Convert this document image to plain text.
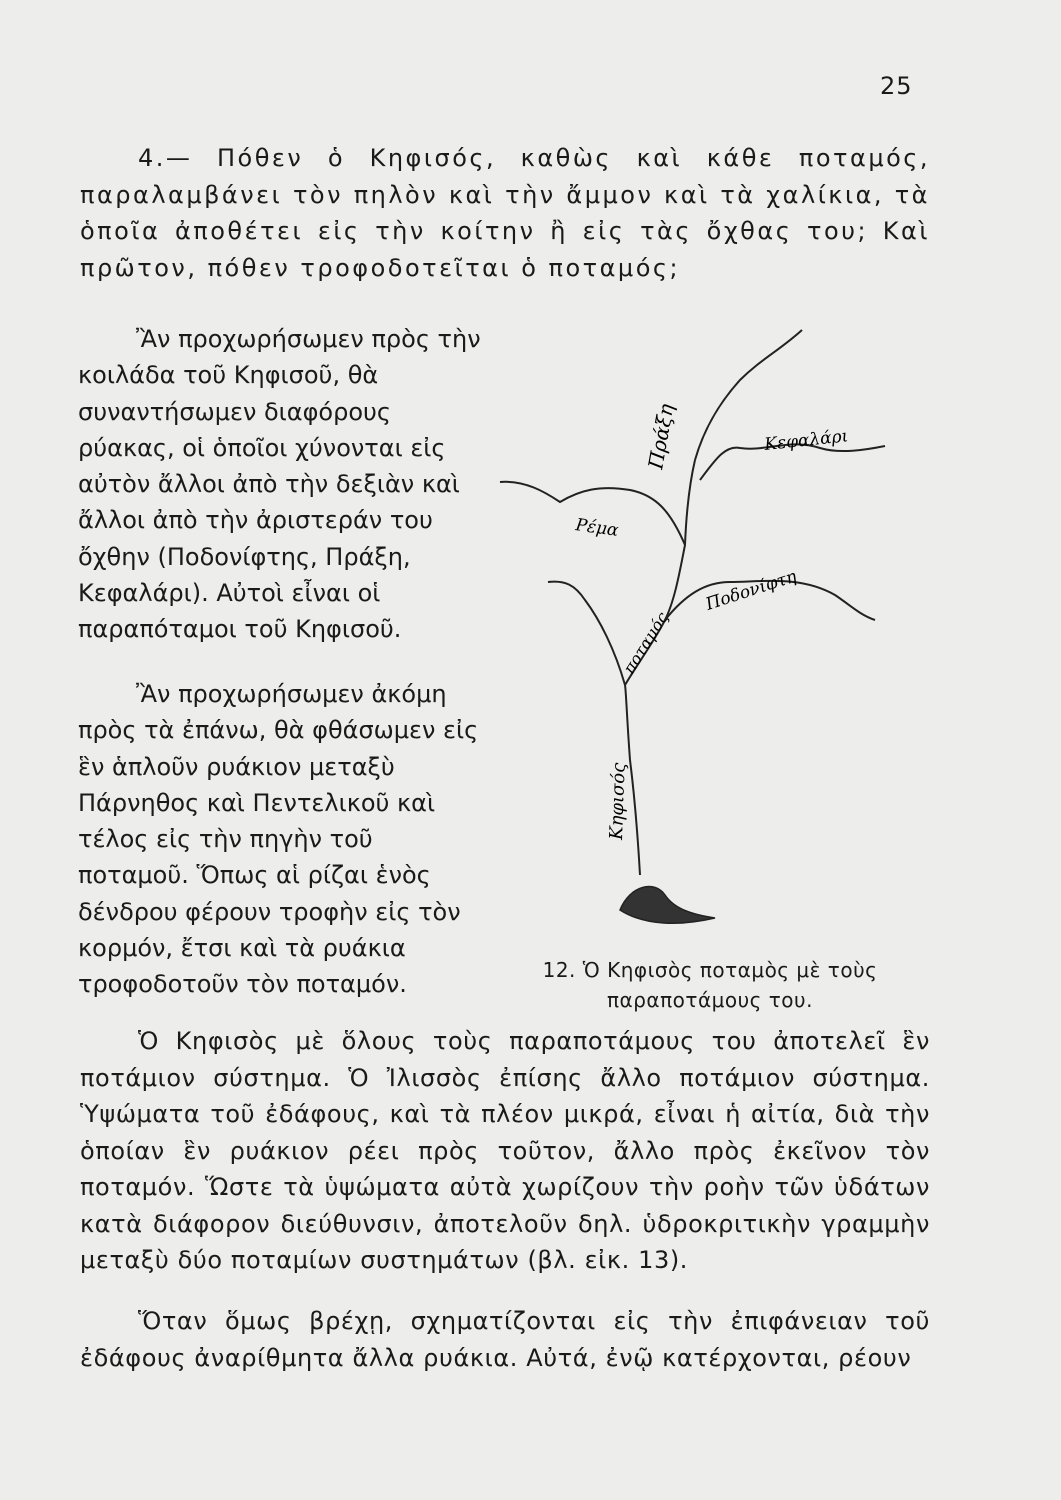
25
4.— Πόθεν ὁ Κηφισός, καθὼς καὶ κάθε ποταμός, παραλαμβάνει τὸν πηλὸν καὶ τὴν ἄμμον καὶ τὰ χαλίκια, τὰ ὁποῖα ἀποθέτει εἰς τὴν κοίτην ἢ εἰς τὰς ὄχθας του; Καὶ πρῶτον, πόθεν τροφοδοτεῖται ὁ ποταμός;
Ἂν προχωρήσωμεν πρὸς τὴν κοιλάδα τοῦ Κηφισοῦ, θὰ συναντήσωμεν διαφόρους ρύακας, οἱ ὁποῖοι χύνονται εἰς αὐτὸν ἄλλοι ἀπὸ τὴν δεξιὰν καὶ ἄλλοι ἀπὸ τὴν ἀριστεράν του ὄχθην (Ποδονίφτης, Πράξη, Κεφαλάρι). Αὐτοὶ εἶναι οἱ παραπόταμοι τοῦ Κηφισοῦ.
Ἂν προχωρήσωμεν ἀκόμη πρὸς τὰ ἐπάνω, θὰ φθάσωμεν εἰς ἓν ἁπλοῦν ρυάκιον μεταξὺ Πάρνηθος καὶ Πεντελικοῦ καὶ τέλος εἰς τὴν πηγὴν τοῦ ποταμοῦ. Ὅπως αἱ ρίζαι ἑνὸς δένδρου φέρουν τροφὴν εἰς τὸν κορμόν, ἔτσι καὶ τὰ ρυάκια τροφοδοτοῦν τὸν ποταμόν.
Πράξη	Κεφαλάρι
Ρέμα
ποταμός
Ποδονίφτη
Κηφισός
12. Ὁ Κηφισὸς ποταμὸς μὲ τοὺς
παραποτάμους του.
Ὁ Κηφισὸς μὲ ὅλους τοὺς παραποτάμους του ἀποτελεῖ ἓν ποτάμιον σύστημα. Ὁ Ἰλισσὸς ἐπίσης ἄλλο ποτάμιον σύστημα. Ὑψώματα τοῦ ἐδάφους, καὶ τὰ πλέον μικρά, εἶναι ἡ αἰτία, διὰ τὴν ὁποίαν ἓν ρυάκιον ρέει πρὸς τοῦτον, ἄλλο πρὸς ἐκεῖνον τὸν ποταμόν. Ὥστε τὰ ὑψώματα αὐτὰ χωρίζουν τὴν ροὴν τῶν ὑδάτων κατὰ διάφορον διεύθυνσιν, ἀποτελοῦν δηλ. ὑδροκριτικὴν γραμμὴν μεταξὺ δύο ποταμίων συστημάτων (βλ. εἰκ. 13).
Ὅταν ὅμως βρέχῃ, σχηματίζονται εἰς τὴν ἐπιφάνειαν τοῦ ἐδάφους ἀναρίθμητα ἄλλα ρυάκια. Αὐτά, ἐνῷ κατέρχονται, ρέουν
